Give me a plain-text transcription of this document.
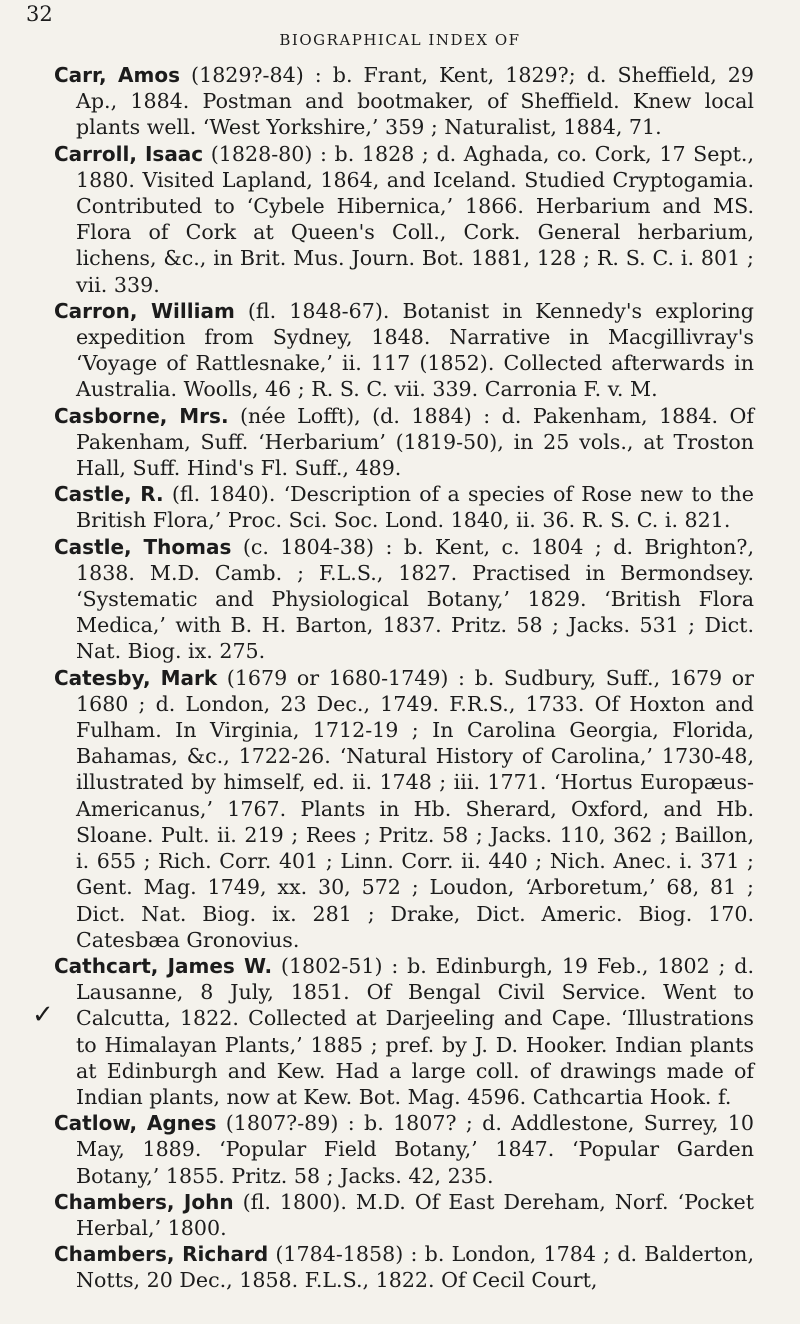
32
BIOGRAPHICAL INDEX OF
✓

Carr, Amos (1829?-84) : b. Frant, Kent, 1829?; d. Sheffield, 29 Ap., 1884. Postman and bootmaker, of Sheffield. Knew local plants well. ‘West Yorkshire,’ 359 ; Naturalist, 1884, 71.

Carroll, Isaac (1828-80) : b. 1828 ; d. Aghada, co. Cork, 17 Sept., 1880. Visited Lapland, 1864, and Iceland. Studied Cryptogamia. Contributed to ‘Cybele Hibernica,’ 1866. Herbarium and MS. Flora of Cork at Queen's Coll., Cork. General herbarium, lichens, &c., in Brit. Mus. Journ. Bot. 1881, 128 ; R. S. C. i. 801 ; vii. 339.

Carron, William (fl. 1848-67). Botanist in Kennedy's exploring expedition from Sydney, 1848. Narrative in Macgillivray's ‘Voyage of Rattlesnake,’ ii. 117 (1852). Collected afterwards in Australia. Woolls, 46 ; R. S. C. vii. 339. Carronia F. v. M.

Casborne, Mrs. (née Lofft), (d. 1884) : d. Pakenham, 1884. Of Pakenham, Suff. ‘Herbarium’ (1819-50), in 25 vols., at Troston Hall, Suff. Hind's Fl. Suff., 489.

Castle, R. (fl. 1840). ‘Description of a species of Rose new to the British Flora,’ Proc. Sci. Soc. Lond. 1840, ii. 36. R. S. C. i. 821.

Castle, Thomas (c. 1804-38) : b. Kent, c. 1804 ; d. Brighton?, 1838. M.D. Camb. ; F.L.S., 1827. Practised in Bermondsey. ‘Systematic and Physiological Botany,’ 1829. ‘British Flora Medica,’ with B. H. Barton, 1837. Pritz. 58 ; Jacks. 531 ; Dict. Nat. Biog. ix. 275.

Catesby, Mark (1679 or 1680-1749) : b. Sudbury, Suff., 1679 or 1680 ; d. London, 23 Dec., 1749. F.R.S., 1733. Of Hoxton and Fulham. In Virginia, 1712-19 ; In Carolina Georgia, Florida, Bahamas, &c., 1722-26. ‘Natural History of Carolina,’ 1730-48, illustrated by himself, ed. ii. 1748 ; iii. 1771. ‘Hortus Europæus-Americanus,’ 1767. Plants in Hb. Sherard, Oxford, and Hb. Sloane. Pult. ii. 219 ; Rees ; Pritz. 58 ; Jacks. 110, 362 ; Baillon, i. 655 ; Rich. Corr. 401 ; Linn. Corr. ii. 440 ; Nich. Anec. i. 371 ; Gent. Mag. 1749, xx. 30, 572 ; Loudon, ‘Arboretum,’ 68, 81 ; Dict. Nat. Biog. ix. 281 ; Drake, Dict. Americ. Biog. 170. Catesbæa Gronovius.

Cathcart, James W. (1802-51) : b. Edinburgh, 19 Feb., 1802 ; d. Lausanne, 8 July, 1851. Of Bengal Civil Service. Went to Calcutta, 1822. Collected at Darjeeling and Cape. ‘Illustrations to Himalayan Plants,’ 1885 ; pref. by J. D. Hooker. Indian plants at Edinburgh and Kew. Had a large coll. of drawings made of Indian plants, now at Kew. Bot. Mag. 4596. Cathcartia Hook. f.

Catlow, Agnes (1807?-89) : b. 1807? ; d. Addlestone, Surrey, 10 May, 1889. ‘Popular Field Botany,’ 1847. ‘Popular Garden Botany,’ 1855. Pritz. 58 ; Jacks. 42, 235.

Chambers, John (fl. 1800). M.D. Of East Dereham, Norf. ‘Pocket Herbal,’ 1800.

Chambers, Richard (1784-1858) : b. London, 1784 ; d. Balderton, Notts, 20 Dec., 1858. F.L.S., 1822. Of Cecil Court,
